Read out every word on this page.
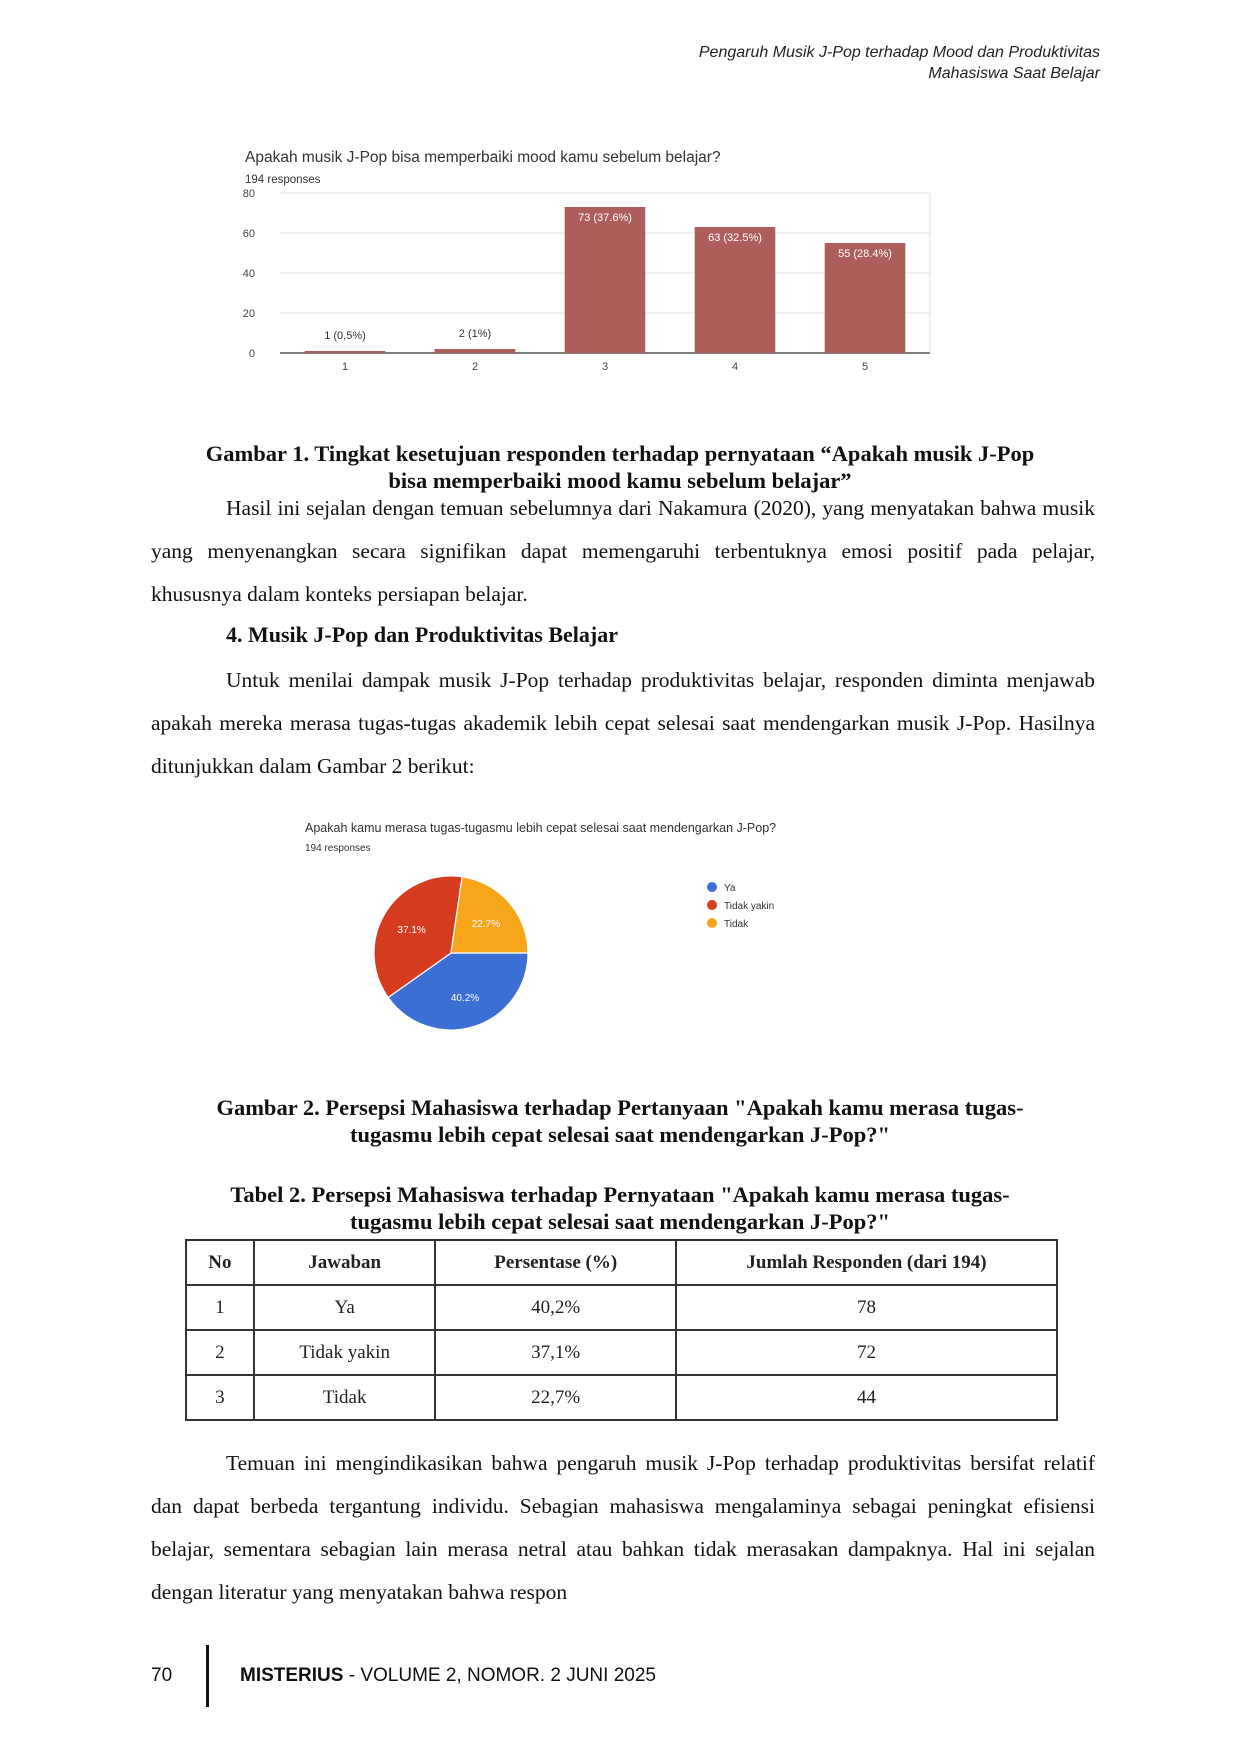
Pengaruh Musik J-Pop terhadap Mood dan Produktivitas
Mahasiswa Saat Belajar
Apakah musik J-Pop bisa memperbaiki mood kamu sebelum belajar?
194 responses
0
20
40
60
80
1 (0,5%)	2 (1%)
73 (37.6%)
63 (32.5%)
55 (28.4%)
1	2	3	4	5
Gambar 1. Tingkat kesetujuan responden terhadap pernyataan “Apakah musik J-Pop
bisa memperbaiki mood kamu sebelum belajar”

Hasil ini sejalan dengan temuan sebelumnya dari Nakamura (2020), yang menyatakan bahwa musik yang menyenangkan secara signifikan dapat memengaruhi terbentuknya emosi positif pada pelajar, khususnya dalam konteks persiapan belajar.

4. Musik J-Pop dan Produktivitas Belajar

Untuk menilai dampak musik J-Pop terhadap produktivitas belajar, responden diminta menjawab apakah mereka merasa tugas-tugas akademik lebih cepat selesai saat mendengarkan musik J-Pop. Hasilnya ditunjukkan dalam Gambar 2 berikut:

Apakah kamu merasa tugas-tugasmu lebih cepat selesai saat mendengarkan J-Pop?
194 responses
40.2%
37.1%
22.7%
Ya
Tidak yakin
Tidak
Gambar 2. Persepsi Mahasiswa terhadap Pertanyaan "Apakah kamu merasa tugas-
tugasmu lebih cepat selesai saat mendengarkan J-Pop?"
Tabel 2. Persepsi Mahasiswa terhadap Pernyataan "Apakah kamu merasa tugas-
tugasmu lebih cepat selesai saat mendengarkan J-Pop?"
No	Jawaban	Persentase (%)	Jumlah Responden (dari 194)
1	Ya	40,2%	78
2	Tidak yakin	37,1%	72
3	Tidak	22,7%	44

Temuan ini mengindikasikan bahwa pengaruh musik J-Pop terhadap produktivitas bersifat relatif dan dapat berbeda tergantung individu. Sebagian mahasiswa mengalaminya sebagai peningkat efisiensi belajar, sementara sebagian lain merasa netral atau bahkan tidak merasakan dampaknya. Hal ini sejalan dengan literatur yang menyatakan bahwa respon

70	MISTERIUS - VOLUME 2, NOMOR. 2 JUNI 2025
